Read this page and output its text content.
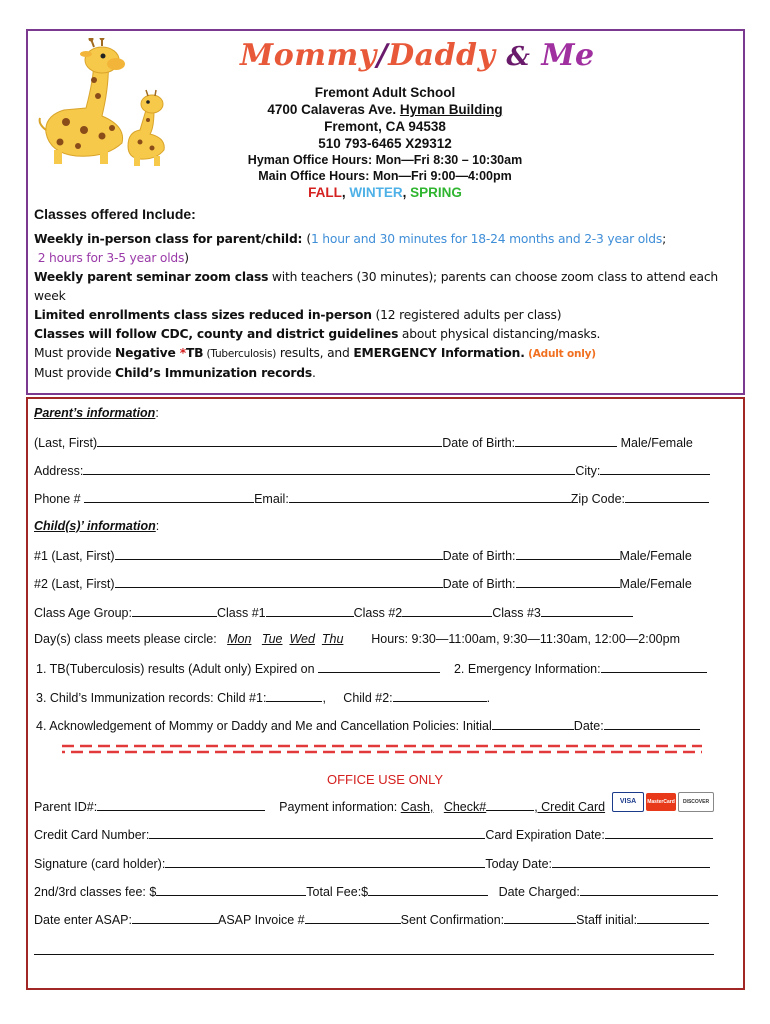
Mommy/Daddy & Me
Fremont Adult School
4700 Calaveras Ave. Hyman Building
Fremont, CA 94538
510 793-6465 X29312
Hyman Office Hours: Mon—Fri 8:30 – 10:30am
Main Office Hours: Mon—Fri 9:00—4:00pm
FALL, WINTER, SPRING
Classes offered Include:
Weekly in-person class for parent/child: (1 hour and 30 minutes for 18-24 months and 2-3 year olds;
2 hours for 3-5 year olds)
Weekly parent seminar zoom class with teachers (30 minutes); parents can choose zoom class to attend each week
Limited enrollments class sizes reduced in-person (12 registered adults per class)
Classes will follow CDC, county and district guidelines about physical distancing/masks.
Must provide Negative *TB (Tuberculosis) results, and EMERGENCY Information. (Adult only)
Must provide Child’s Immunization records.
Parent’s information:
(Last, First)	Date of Birth:	Male/Female
Address:	City:
Phone #	Email:	Zip Code:
Child(s)’ information:
#1 (Last, First)	Date of Birth:	Male/Female
#2 (Last, First)	Date of Birth:	Male/Female
Class Age Group:	Class #1	Class #2	Class #3
Day(s) class meets please circle: Mon Tue Wed Thu Hours: 9:30—11:00am, 9:30—11:30am, 12:00—2:00pm
1. TB(Tuberculosis) results (Adult only) Expired on	2. Emergency Information:
3. Child’s Immunization records: Child #1:	, Child #2:	.
4. Acknowledgement of Mommy or Daddy and Me and Cancellation Policies: Initial	Date:
OFFICE USE ONLY
Parent ID#:	Payment information: Cash, Check#	, Credit Card	VISA MasterCard DISCOVER
Credit Card Number:	Card Expiration Date:
Signature (card holder):	Today Date:
2nd/3rd classes fee: $	Total Fee:$	Date Charged:
Date enter ASAP:	ASAP Invoice #	Sent Confirmation:	Staff initial:
